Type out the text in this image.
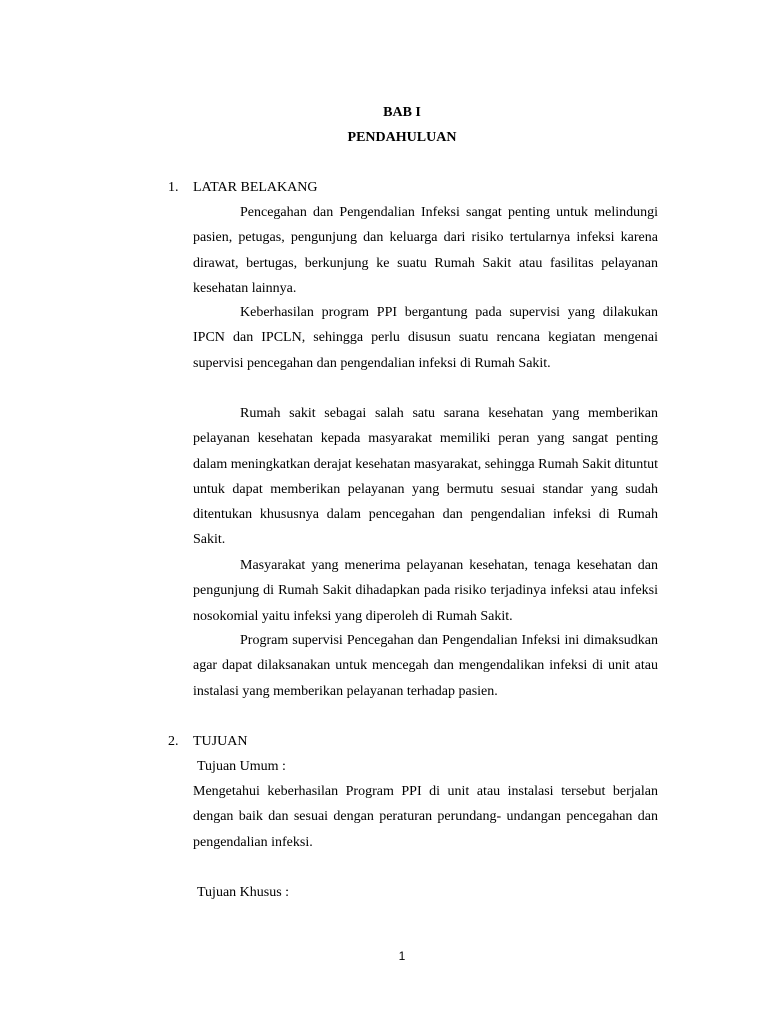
BAB I
PENDAHULUAN
1. LATAR BELAKANG

Pencegahan dan Pengendalian Infeksi sangat penting untuk melindungi pasien, petugas, pengunjung dan keluarga dari risiko tertularnya infeksi karena dirawat, bertugas, berkunjung ke suatu Rumah Sakit atau fasilitas pelayanan kesehatan lainnya.

Keberhasilan program PPI bergantung pada supervisi yang dilakukan IPCN dan IPCLN, sehingga perlu disusun suatu rencana kegiatan mengenai supervisi pencegahan dan pengendalian infeksi di Rumah Sakit.

Rumah sakit sebagai salah satu sarana kesehatan yang memberikan pelayanan kesehatan kepada masyarakat memiliki peran yang sangat penting dalam meningkatkan derajat kesehatan masyarakat, sehingga Rumah Sakit dituntut untuk dapat memberikan pelayanan yang bermutu sesuai standar yang sudah ditentukan khususnya dalam pencegahan dan pengendalian infeksi di Rumah Sakit.

Masyarakat yang menerima pelayanan kesehatan, tenaga kesehatan dan pengunjung di Rumah Sakit dihadapkan pada risiko terjadinya infeksi atau infeksi nosokomial yaitu infeksi yang diperoleh di Rumah Sakit.

Program supervisi Pencegahan dan Pengendalian Infeksi ini dimaksudkan agar dapat dilaksanakan untuk mencegah dan mengendalikan infeksi di unit atau instalasi yang memberikan pelayanan terhadap pasien.

2. TUJUAN
Tujuan Umum :

Mengetahui keberhasilan Program PPI di unit atau instalasi tersebut berjalan dengan baik dan sesuai dengan peraturan perundang- undangan pencegahan dan pengendalian infeksi.

Tujuan Khusus :
1
